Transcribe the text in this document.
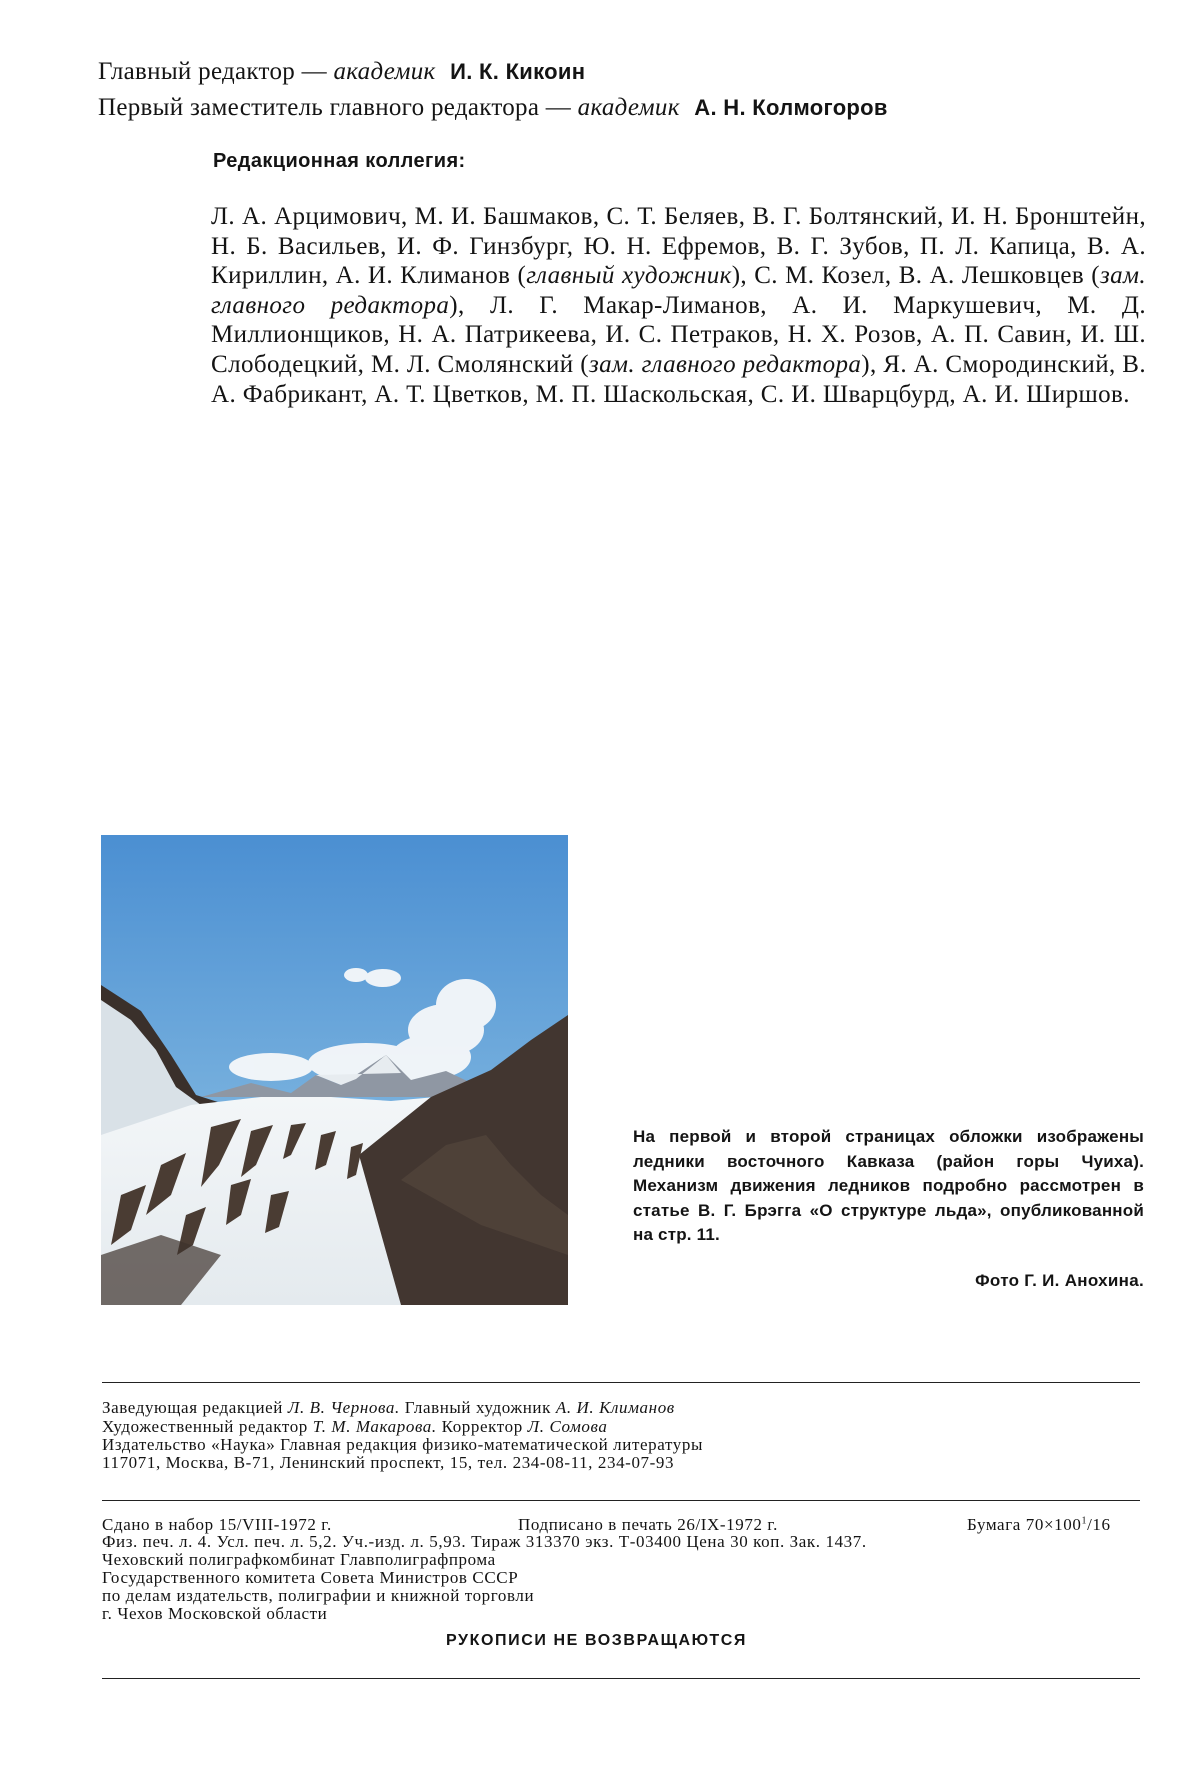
Главный редактор — академик И. К. Кикоин
Первый заместитель главного редактора — академик А. Н. Колмогоров
Редакционная коллегия:
Л. А. Арцимович, М. И. Башмаков, С. Т. Беляев, В. Г. Болтянский, И. Н. Бронштейн, Н. Б. Васильев, И. Ф. Гинзбург, Ю. Н. Ефремов, В. Г. Зубов, П. Л. Капица, В. А. Кириллин, А. И. Климанов (главный художник), С. М. Козел, В. А. Лешковцев (зам. главного редактора), Л. Г. Макар-Лиманов, А. И. Маркушевич, М. Д. Миллионщиков, Н. А. Патрикеева, И. С. Петраков, Н. Х. Розов, А. П. Савин, И. Ш. Слободецкий, М. Л. Смолянский (зам. главного редактора), Я. А. Смородинский, В. А. Фабрикант, А. Т. Цветков, М. П. Шаскольская, С. И. Шварцбурд, А. И. Ширшов.
На первой и второй страницах обложки изображены ледники восточного Кавказа (район горы Чуиха). Механизм движения ледников подробно рассмотрен в статье В. Г. Брэгга «О структуре льда», опубликованной на стр. 11.
Фото Г. И. Анохина.
Заведующая редакцией Л. В. Чернова. Главный художник А. И. Климанов
Художественный редактор Т. М. Макарова. Корректор Л. Сомова
Издательство «Наука» Главная редакция физико-математической литературы
117071, Москва, В-71, Ленинский проспект, 15, тел. 234-08-11, 234-07-93
Сдано в набор 15/VIII-1972 г.	Подписано в печать 26/IX-1972 г.	Бумага $70\times 100^1/16$
Физ. печ. л. 4. Усл. печ. л. 5,2. Уч.-изд. л. 5,93. Тираж 313370 экз. Т-03400 Цена 30 коп. Зак. 1437.
Чеховский полиграфкомбинат Главполиграфпрома
Государственного комитета Совета Министров СССР
по делам издательств, полиграфии и книжной торговли
г. Чехов Московской области
РУКОПИСИ НЕ ВОЗВРАЩАЮТСЯ
